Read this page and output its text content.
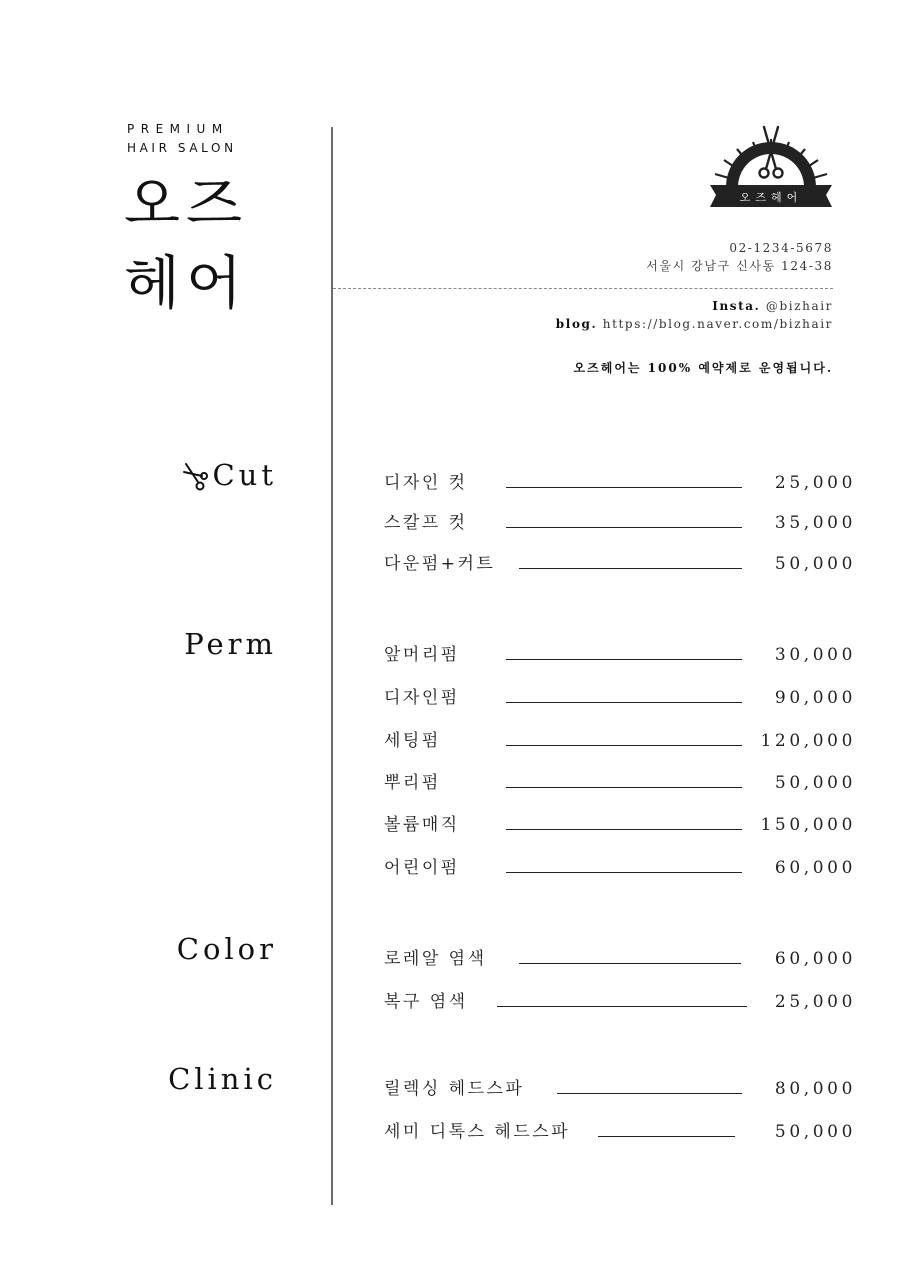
PREMIUM
HAIR SALON
오즈
헤어
오즈헤어
02-1234-5678
서울시 강남구 신사동 124-38
Insta. @bizhair
blog. https://blog.naver.com/bizhair
오즈헤어는 100% 예약제로 운영됩니다.
Cut
Perm
Color
Clinic
디자인 컷	25,000
스칼프 컷	35,000
다운펌+커트	50,000
앞머리펌	30,000
디자인펌	90,000
세팅펌	120,000
뿌리펌	50,000
볼륨매직	150,000
어린이펌	60,000
로레알 염색	60,000
복구 염색	25,000
릴렉싱 헤드스파	80,000
세미 디톡스 헤드스파	50,000
